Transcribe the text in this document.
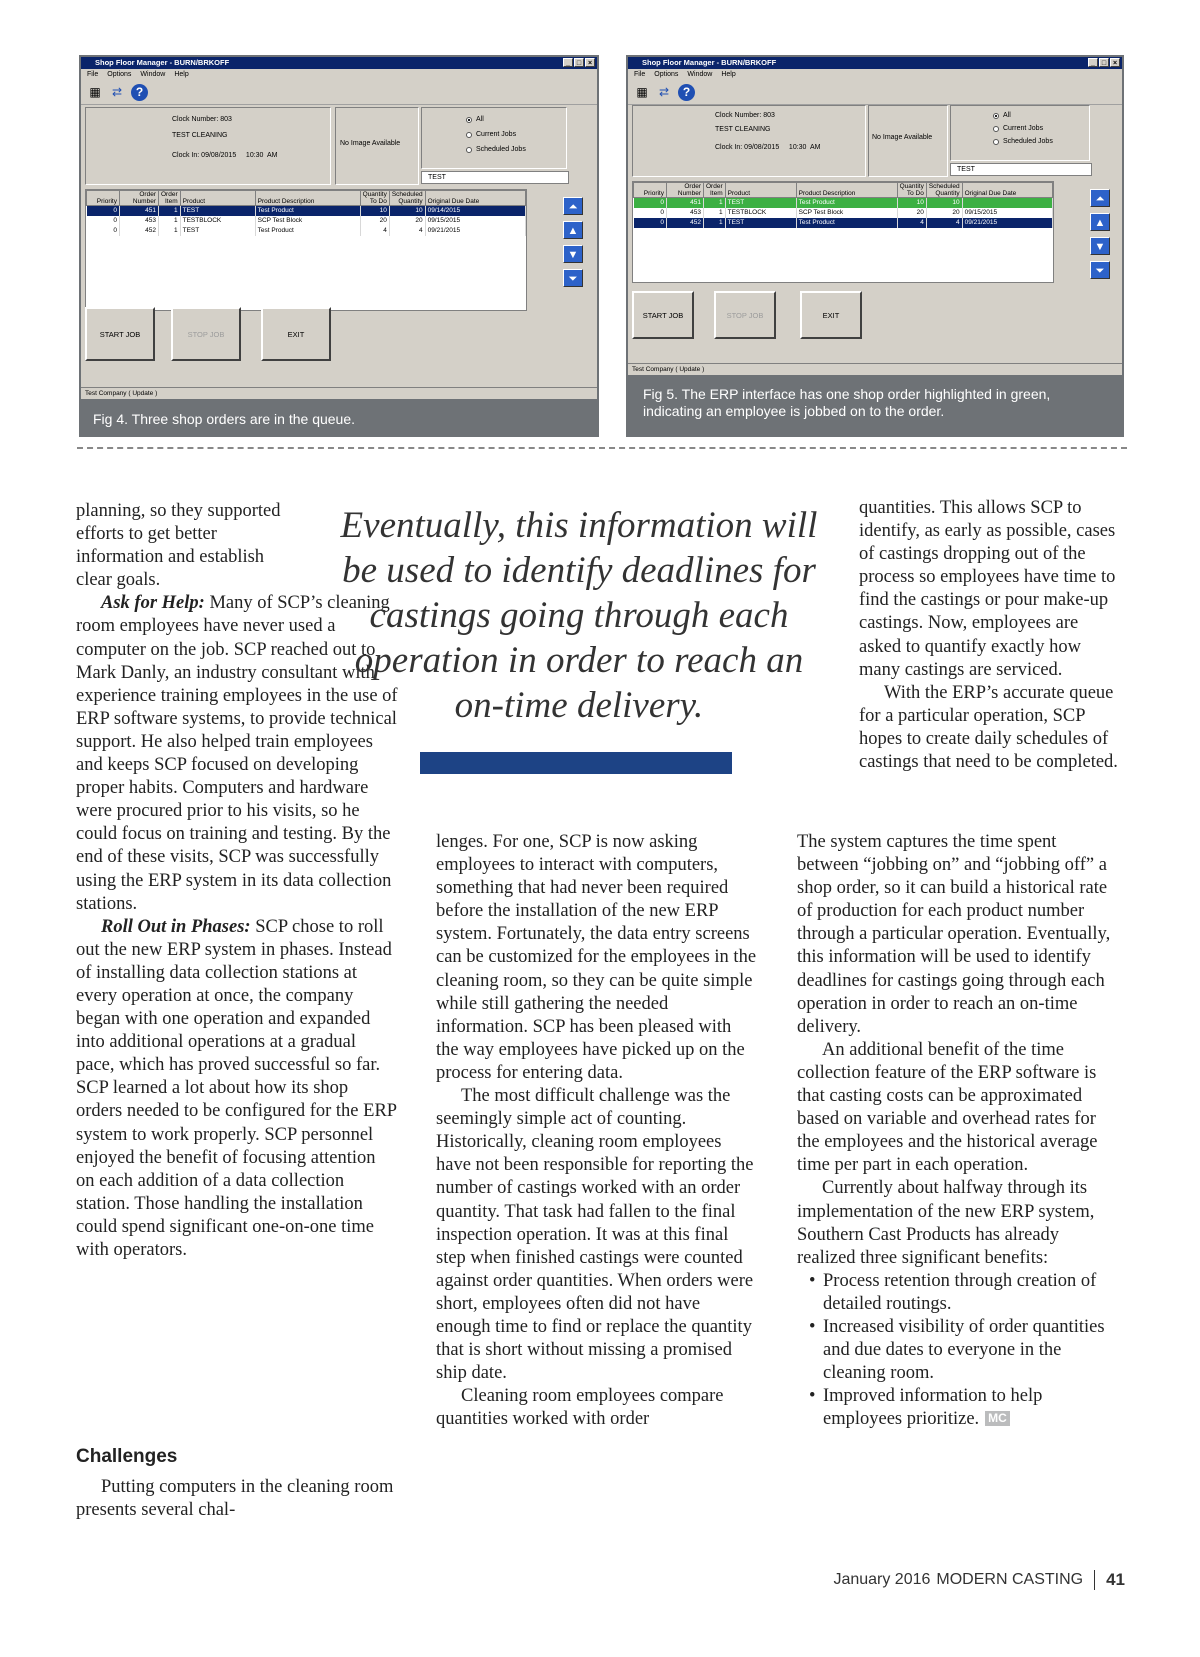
Shop Floor Manager - BURN/BRKOFF	_ □ ×
File Options Window Help
▦ ⇄	?
Clock Number: 803
TEST CLEANING
Clock In: 09/08/2015     10:30  AM
No Image Available
All
Current Jobs
Scheduled Jobs
TEST
Priority	Order Number	Order Item	Product	Product Description	Quantity To Do	Scheduled Quantity	Original Due Date
0	451	1	TEST	Test Product	10	10	09/14/2015
0	453	1	TESTBLOCK	SCP Test Block	20	20	09/15/2015
0	452	1	TEST	Test Product	4	4	09/21/2015
⏶
▲
▼
⏷
START JOB	STOP JOB	EXIT
Test Company ( Update )
Fig 4. Three shop orders are in the queue.
Shop Floor Manager - BURN/BRKOFF	_ □ ×
File Options Window Help
▦ ⇄	?
Clock Number: 803
TEST CLEANING
Clock In: 09/08/2015     10:30  AM
No Image Available
All
Current Jobs
Scheduled Jobs
TEST
Priority	Order Number	Order Item	Product	Product Description	Quantity To Do	Scheduled Quantity	Original Due Date
0	451	1	TEST	Test Product	10	10	
0	453	1	TESTBLOCK	SCP Test Block	20	20	09/15/2015
0	452	1	TEST	Test Product	4	4	09/21/2015
⏶
▲
▼
⏷
START JOB	STOP JOB	EXIT
Test Company ( Update )
Fig 5. The ERP interface has one shop order highlighted in green,
indicating an employee is jobbed on to the order.

planning, so they supported efforts to get better information and establish clear goals.

Ask for Help: Many of SCP’s cleaning room employees have never used a computer on the job. SCP reached out to Mark Danly, an industry consultant with experience training employees in the use of ERP software systems, to provide technical support. He also helped train employees and keeps SCP focused on developing proper habits. Computers and hardware were procured prior to his visits, so he could focus on training and testing. By the end of these visits, SCP was successfully using the ERP system in its data collection stations.

Roll Out in Phases: SCP chose to roll out the new ERP system in phases. Instead of installing data collection stations at every operation at once, the company began with one operation and expanded into additional operations at a gradual pace, which has proved successful so far. SCP learned a lot about how its shop orders needed to be configured for the ERP system to work properly. SCP personnel enjoyed the benefit of focusing attention on each addition of a data collection station. Those handling the installation could spend significant one-on-one time with operators.

Challenges

Putting computers in the cleaning room presents several chal-

Eventually, this information will be used to identify deadlines for castings going through each operation in order to reach an on-time delivery.

lenges. For one, SCP is now asking employees to interact with computers, something that had never been required before the installation of the new ERP system. Fortunately, the data entry screens can be customized for the employees in the cleaning room, so they can be quite simple while still gathering the needed information. SCP has been pleased with the way employees have picked up on the process for entering data.

The most difficult challenge was the seemingly simple act of counting. Historically, cleaning room employees have not been responsible for reporting the number of castings worked with an order quantity. That task had fallen to the final inspection operation. It was at this final step when finished castings were counted against order quantities. When orders were short, employees often did not have enough time to find or replace the quantity that is short without missing a promised ship date.

Cleaning room employees compare quantities worked with order

quantities. This allows SCP to identify, as early as possible, cases of castings dropping out of the process so employees have time to find the castings or pour make-up castings. Now, employees are asked to quantify exactly how many castings are serviced.

With the ERP’s accurate queue for a particular operation, SCP hopes to create daily schedules of castings that need to be completed.

The system captures the time spent between “jobbing on” and “jobbing off” a shop order, so it can build a historical rate of production for each product number through a particular operation. Eventually, this information will be used to identify deadlines for castings going through each operation in order to reach an on-time delivery.

An additional benefit of the time collection feature of the ERP software is that casting costs can be approximated based on variable and overhead rates for the employees and the historical average time per part in each operation.

Currently about halfway through its implementation of the new ERP system, Southern Cast Products has already realized three significant benefits:

• Process retention through creation of detailed routings.
• Increased visibility of order quantities and due dates to everyone in the cleaning room.
• Improved information to help employees prioritize. MC
January 2016 MODERN CASTING 41
